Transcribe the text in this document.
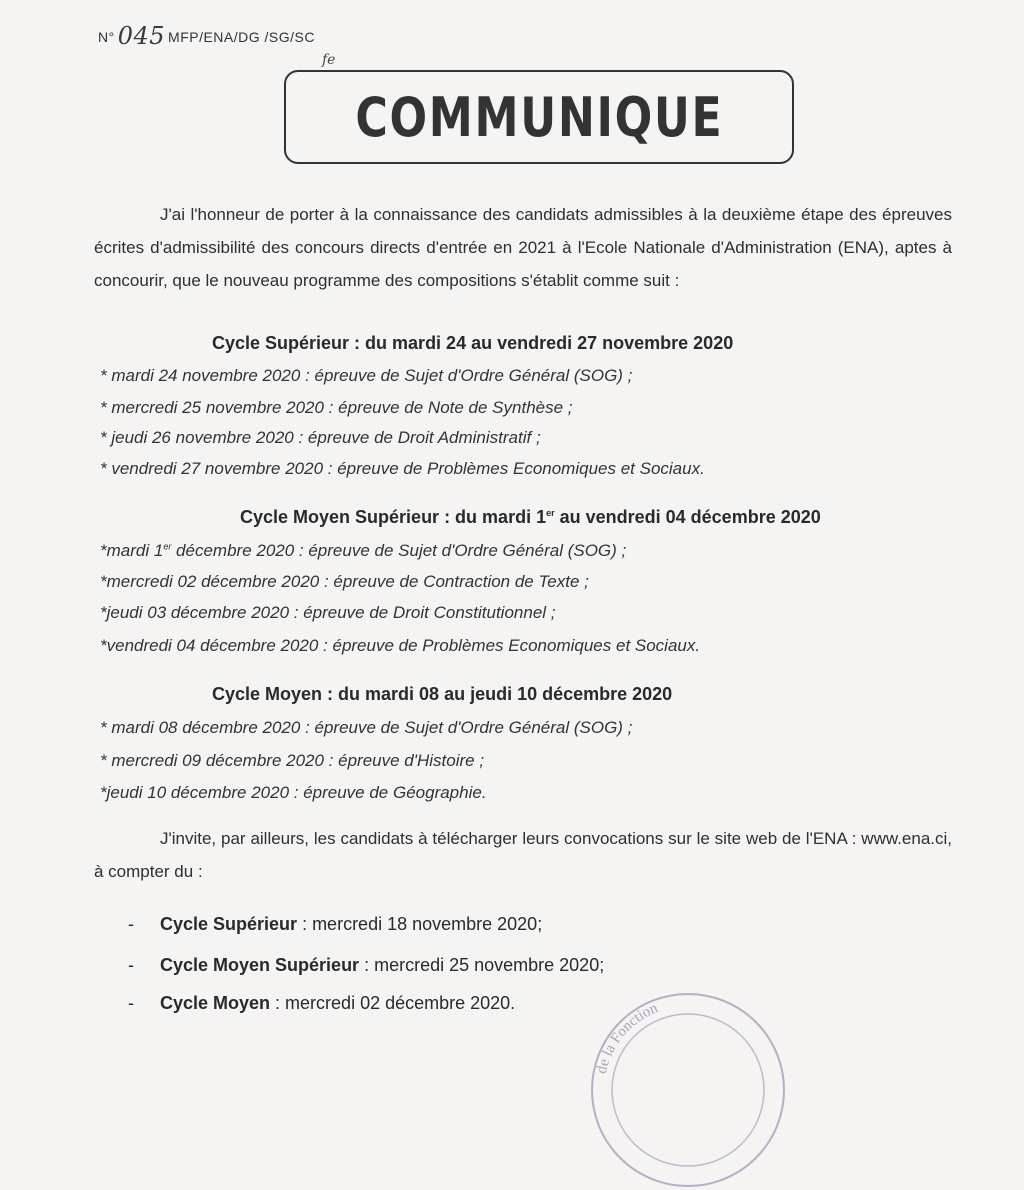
N° 045 MFP/ENA/DG /SG/SC
fe
COMMUNIQUE
J'ai l'honneur de porter à la connaissance des candidats admissibles à la deuxième étape des épreuves écrites d'admissibilité des concours directs d'entrée en 2021 à l'Ecole Nationale d'Administration (ENA), aptes à concourir, que le nouveau programme des compositions s'établit comme suit :
Cycle Supérieur : du mardi 24 au vendredi 27 novembre 2020
* mardi 24 novembre 2020 : épreuve de Sujet d'Ordre Général (SOG) ;
* mercredi 25 novembre 2020 : épreuve de Note de Synthèse ;
* jeudi 26 novembre 2020 : épreuve de Droit Administratif ;
* vendredi 27 novembre 2020 : épreuve de Problèmes Economiques et Sociaux.
Cycle Moyen Supérieur : du mardi 1er au vendredi 04 décembre 2020
*mardi 1er décembre 2020 : épreuve de Sujet d'Ordre Général (SOG) ;
*mercredi 02 décembre 2020 : épreuve de Contraction de Texte ;
*jeudi 03 décembre 2020 : épreuve de Droit Constitutionnel ;
*vendredi 04 décembre 2020 : épreuve de Problèmes Economiques et Sociaux.
Cycle Moyen : du mardi 08 au jeudi 10 décembre 2020
* mardi 08 décembre 2020 : épreuve de Sujet d'Ordre Général (SOG) ;
* mercredi 09 décembre 2020 : épreuve d'Histoire ;
*jeudi 10 décembre 2020 : épreuve de Géographie.
J'invite, par ailleurs, les candidats à télécharger leurs convocations sur le site web de l'ENA : www.ena.ci, à compter du :
- Cycle Supérieur : mercredi 18 novembre 2020;
- Cycle Moyen Supérieur : mercredi 25 novembre 2020;
- Cycle Moyen : mercredi 02 décembre 2020.
de la Fonction
